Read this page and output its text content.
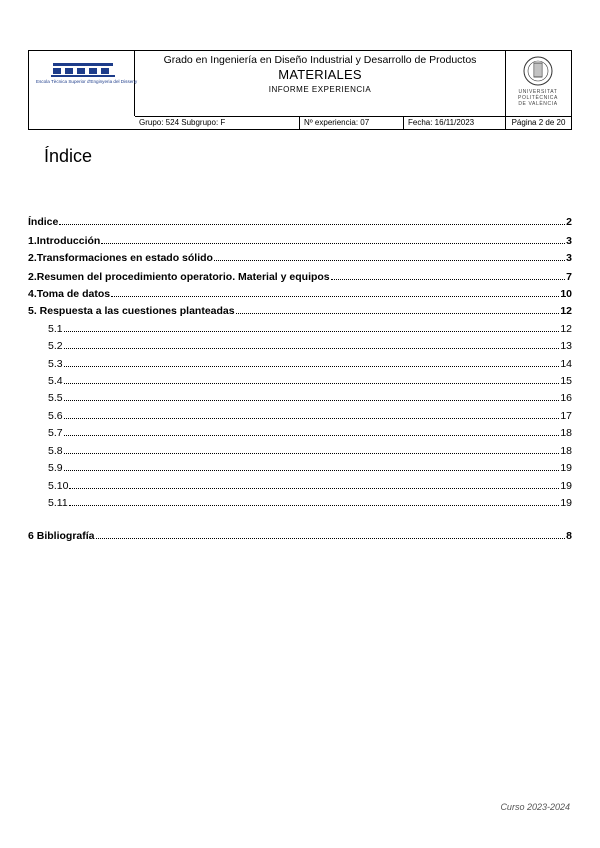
Escola Tècnica Superior d'Enginyeria del Disseny
Grado en Ingeniería en Diseño Industrial y Desarrollo de Productos
MATERIALES
INFORME EXPERIENCIA	UNIVERSITAT
POLITÈCNICA
DE VALÈNCIA
Grupo: 524 Subgrupo: F	Nº experiencia: 07	Fecha: 16/11/2023	Página 2 de 20
Índice
Índice	2
1.Introducción	3
2.Transformaciones en estado sólido	3
2.Resumen del procedimiento operatorio. Material y equipos	7
4.Toma de datos	10
5. Respuesta a las cuestiones planteadas	12
5.1	12
5.2	13
5.3	14
5.4	15
5.5	16
5.6	17
5.7	18
5.8	18
5.9	19
5.10	19
5.11	19
6 Bibliografía	8
Curso 2023-2024
